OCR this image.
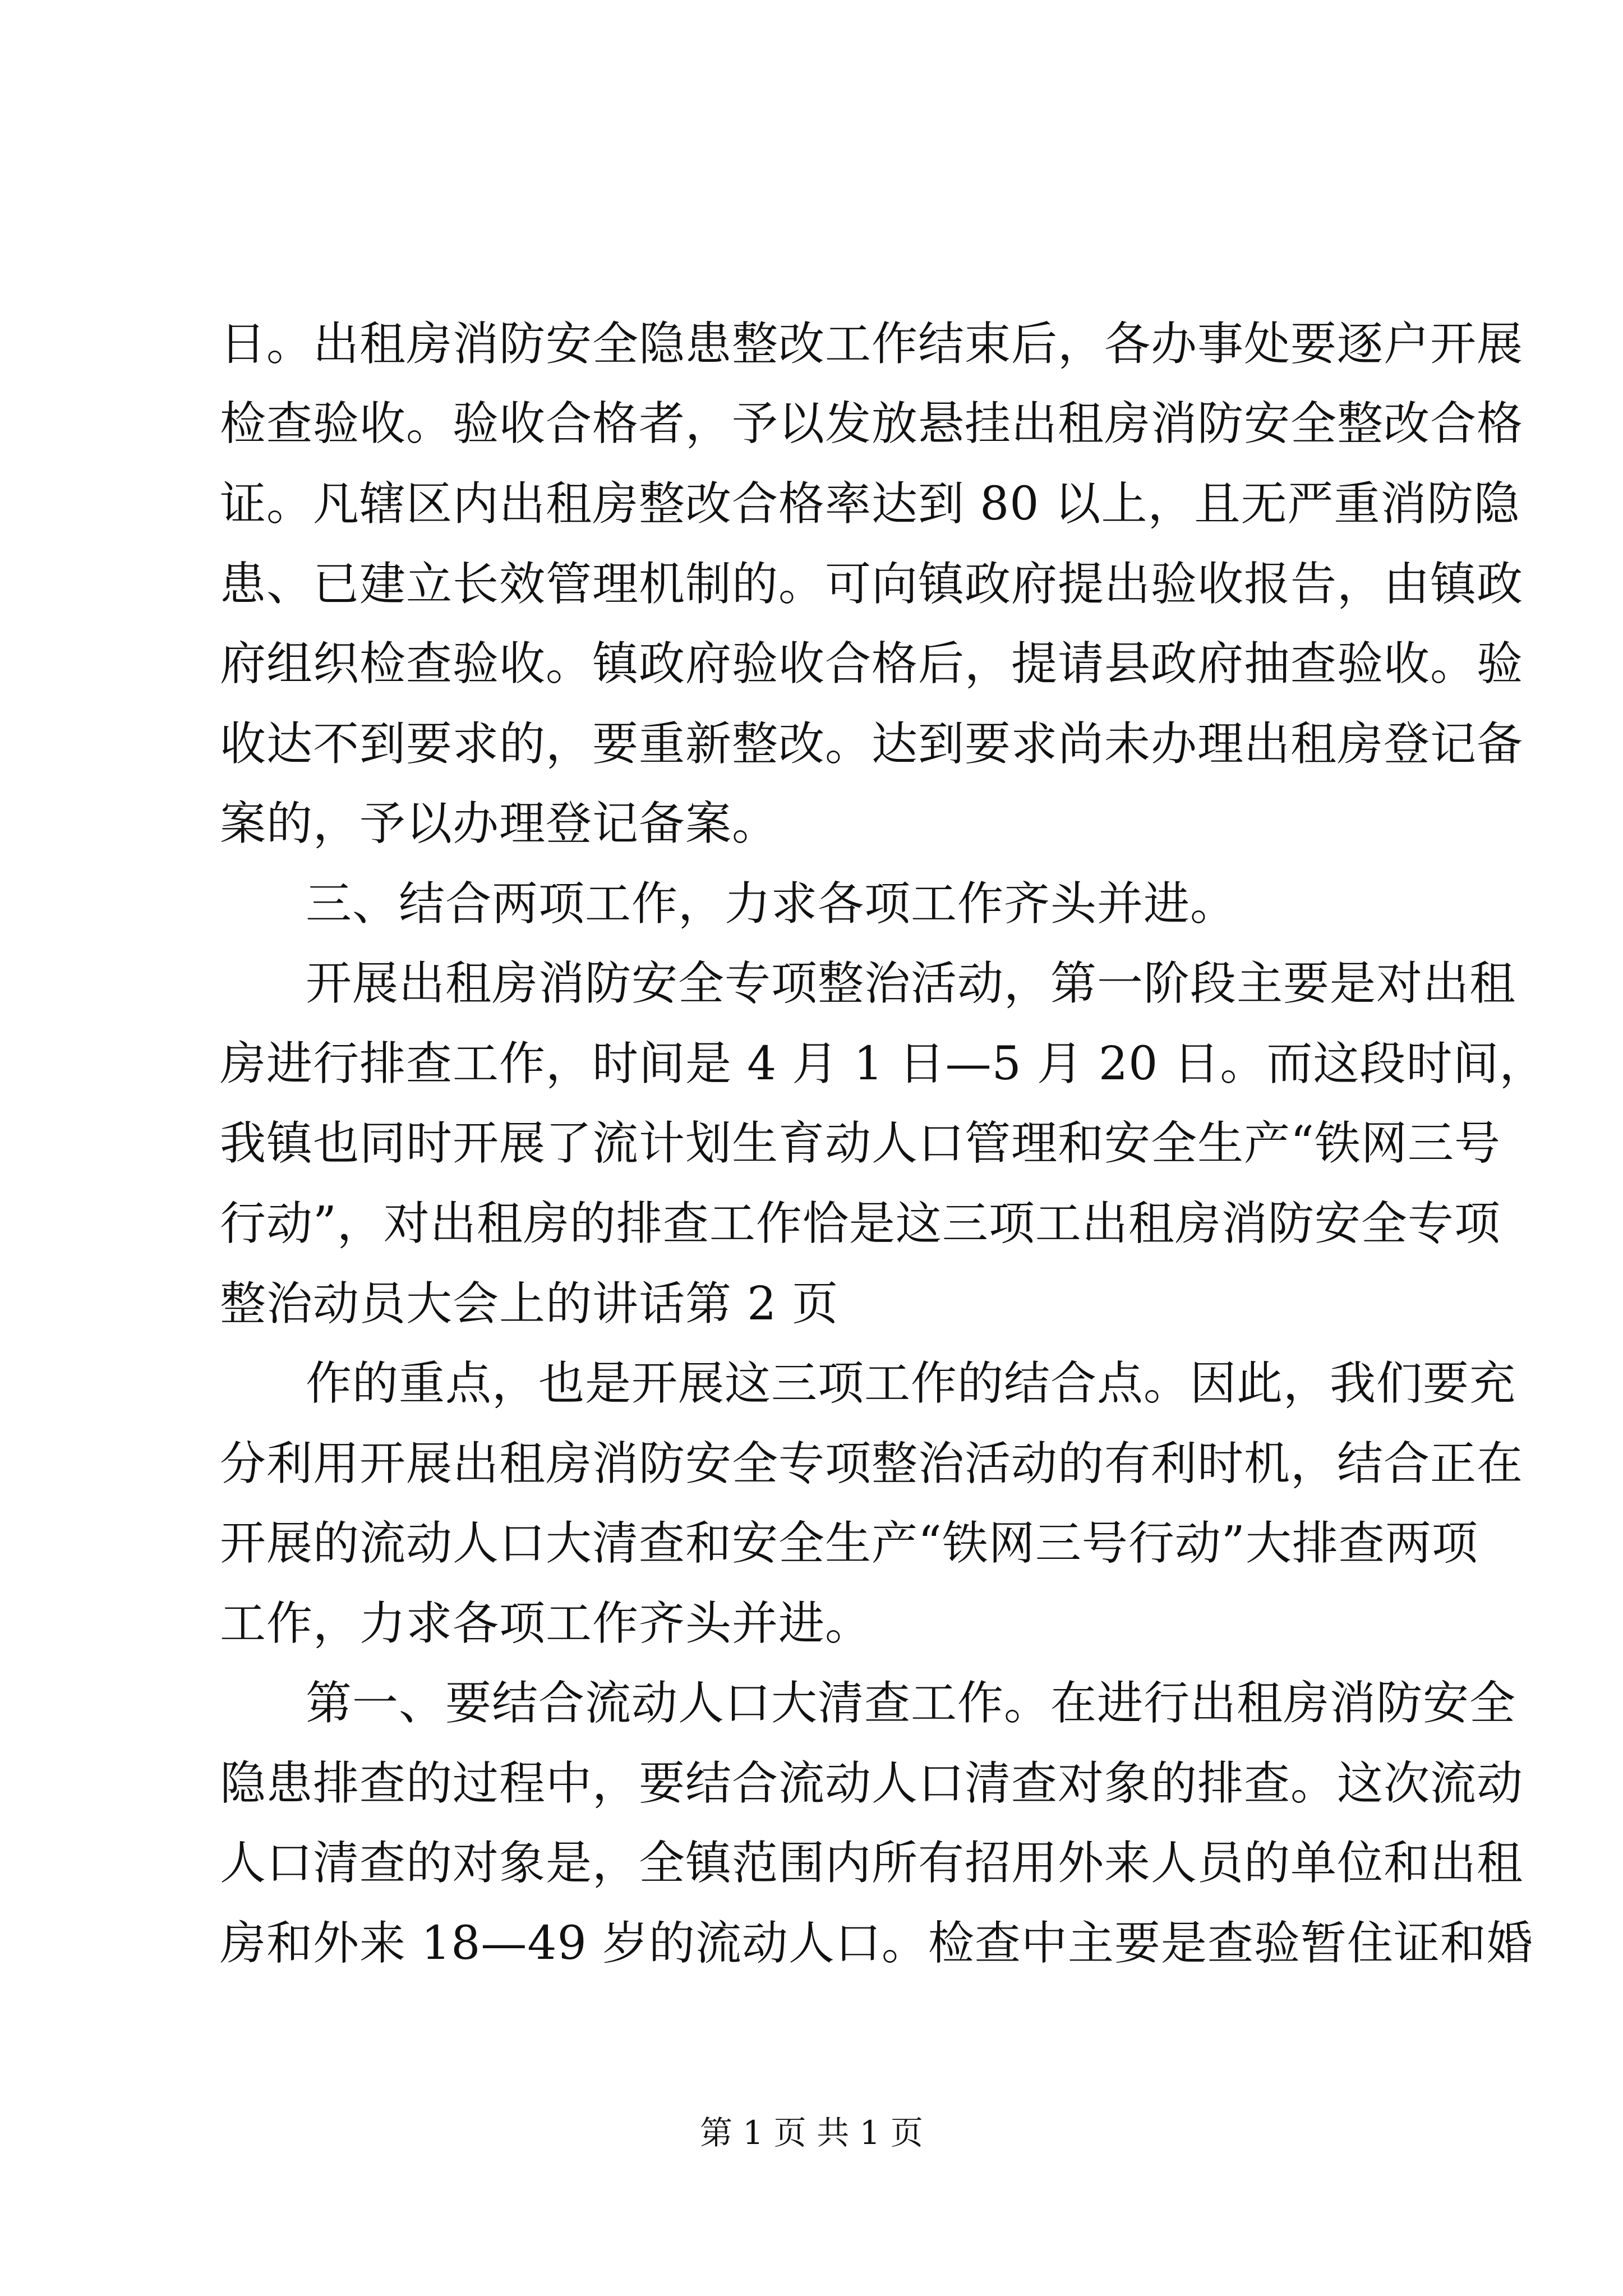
日。出租房消防安全隐患整改工作结束后，各办事处要逐户开展
检查验收。验收合格者，予以发放悬挂出租房消防安全整改合格
证。凡辖区内出租房整改合格率达到 80 以上，且无严重消防隐
患、已建立长效管理机制的。可向镇政府提出验收报告，由镇政
府组织检查验收。镇政府验收合格后，提请县政府抽查验收。验
收达不到要求的，要重新整改。达到要求尚未办理出租房登记备
案的，予以办理登记备案。
三、结合两项工作，力求各项工作齐头并进。
开展出租房消防安全专项整治活动，第一阶段主要是对出租
房进行排查工作，时间是 4 月 1 日—5 月 20 日。而这段时间，
我镇也同时开展了流计划生育动人口管理和安全生产“铁网三号
行动”，对出租房的排查工作恰是这三项工出租房消防安全专项
整治动员大会上的讲话第 2 页
作的重点，也是开展这三项工作的结合点。因此，我们要充
分利用开展出租房消防安全专项整治活动的有利时机，结合正在
开展的流动人口大清查和安全生产“铁网三号行动”大排查两项
工作，力求各项工作齐头并进。
第一、要结合流动人口大清查工作。在进行出租房消防安全
隐患排查的过程中，要结合流动人口清查对象的排查。这次流动
人口清查的对象是，全镇范围内所有招用外来人员的单位和出租
房和外来 18—49 岁的流动人口。检查中主要是查验暂住证和婚
第 1 页 共 1 页
